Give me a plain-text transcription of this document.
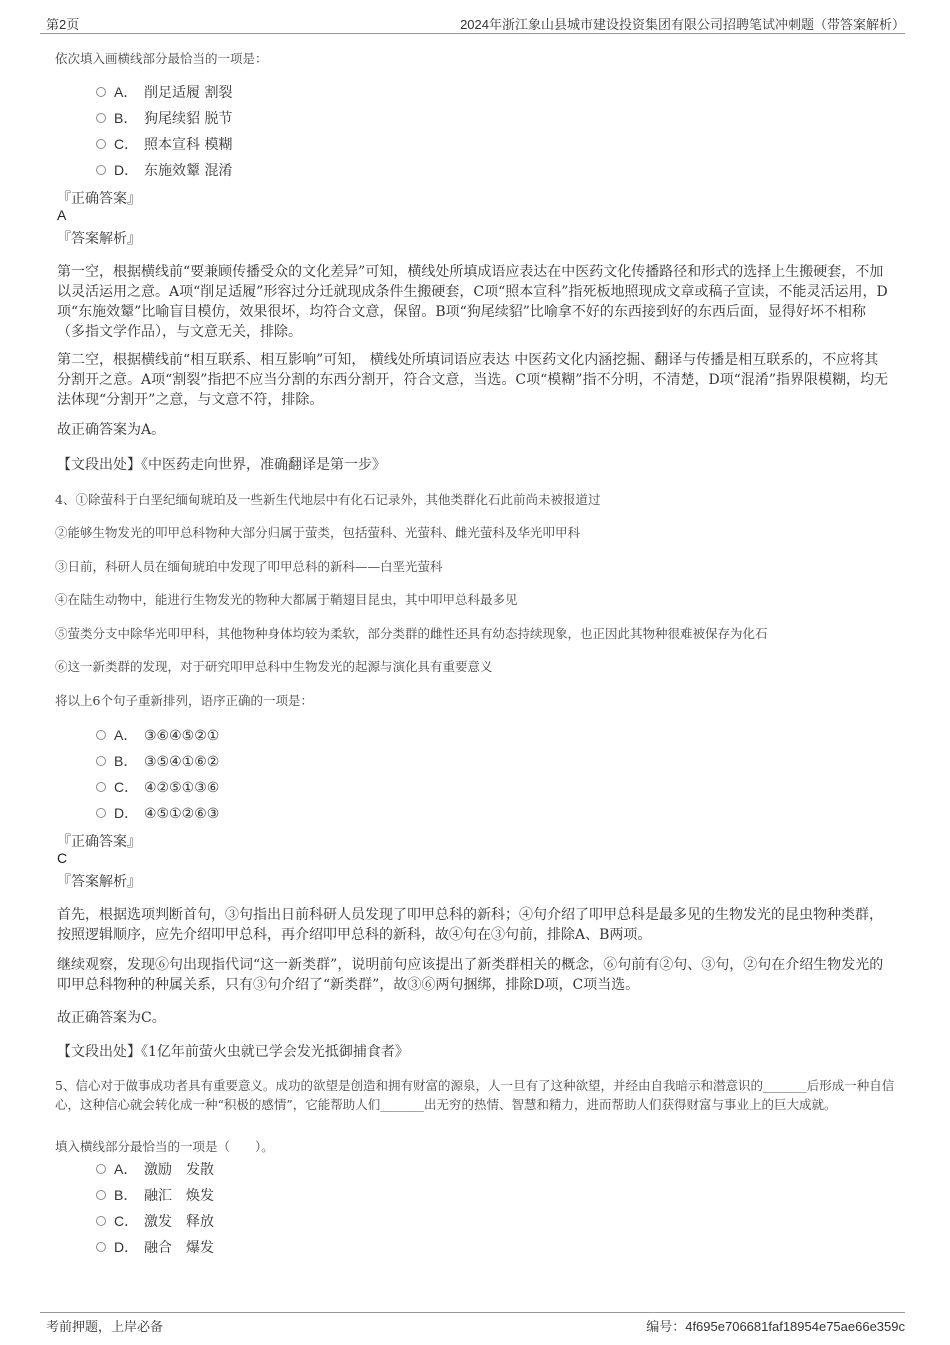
第2页	2024年浙江象山县城市建设投资集团有限公司招聘笔试冲刺题（带答案解析）
依次填入画横线部分最恰当的一项是：
A． 削足适履 割裂
B． 狗尾续貂 脱节
C． 照本宣科 模糊
D． 东施效颦 混淆
『正确答案』
A
『答案解析』
第一空，根据横线前“要兼顾传播受众的文化差异”可知，横线处所填成语应表达在中医药文化传播路径和形式的选择上生搬硬套，不加以灵活运用之意。A项“削足适履”形容过分迁就现成条件生搬硬套，C项“照本宣科”指死板地照现成文章或稿子宣读，不能灵活运用，D项“东施效颦”比喻盲目模仿，效果很坏，均符合文意，保留。B项“狗尾续貂”比喻拿不好的东西接到好的东西后面，显得好坏不相称（多指文学作品），与文意无关，排除。
第二空，根据横线前“相互联系、相互影响”可知， 横线处所填词语应表达 中医药文化内涵挖掘、翻译与传播是相互联系的，不应将其分割开之意。A项“割裂”指把不应当分割的东西分割开，符合文意，当选。C项“模糊”指不分明，不清楚，D项“混淆”指界限模糊，均无法体现“分割开”之意，与文意不符，排除。
故正确答案为A。
【文段出处】《中医药走向世界，准确翻译是第一步》
4、①除萤科于白垩纪缅甸琥珀及一些新生代地层中有化石记录外，其他类群化石此前尚未被报道过
②能够生物发光的叩甲总科物种大部分归属于萤类，包括萤科、光萤科、雌光萤科及华光叩甲科
③日前，科研人员在缅甸琥珀中发现了叩甲总科的新科——白垩光萤科
④在陆生动物中，能进行生物发光的物种大都属于鞘翅目昆虫，其中叩甲总科最多见
⑤萤类分支中除华光叩甲科，其他物种身体均较为柔软，部分类群的雌性还具有幼态持续现象，也正因此其物种很难被保存为化石
⑥这一新类群的发现，对于研究叩甲总科中生物发光的起源与演化具有重要意义
将以上6个句子重新排列，语序正确的一项是：
A． ③⑥④⑤②①
B． ③⑤④①⑥②
C． ④②⑤①③⑥
D． ④⑤①②⑥③
『正确答案』
C
『答案解析』
首先，根据选项判断首句，③句指出日前科研人员发现了叩甲总科的新科；④句介绍了叩甲总科是最多见的生物发光的昆虫物种类群，按照逻辑顺序，应先介绍叩甲总科，再介绍叩甲总科的新科，故④句在③句前，排除A、B两项。
继续观察，发现⑥句出现指代词“这一新类群”，说明前句应该提出了新类群相关的概念，⑥句前有②句、③句，②句在介绍生物发光的叩甲总科物种的种属关系，只有③句介绍了“新类群”，故③⑥两句捆绑，排除D项，C项当选。
故正确答案为C。
【文段出处】《1亿年前萤火虫就已学会发光抵御捕食者》
5、信心对于做事成功者具有重要意义。成功的欲望是创造和拥有财富的源泉，人一旦有了这种欲望，并经由自我暗示和潜意识的_______后形成一种自信心，这种信心就会转化成一种“积极的感情”，它能帮助人们_______出无穷的热情、智慧和精力，进而帮助人们获得财富与事业上的巨大成就。
填入横线部分最恰当的一项是（　　）。
A． 激励　发散
B． 融汇　焕发
C． 激发　释放
D． 融合　爆发
考前押题，上岸必备	编号：4f695e706681faf18954e75ae66e359c
